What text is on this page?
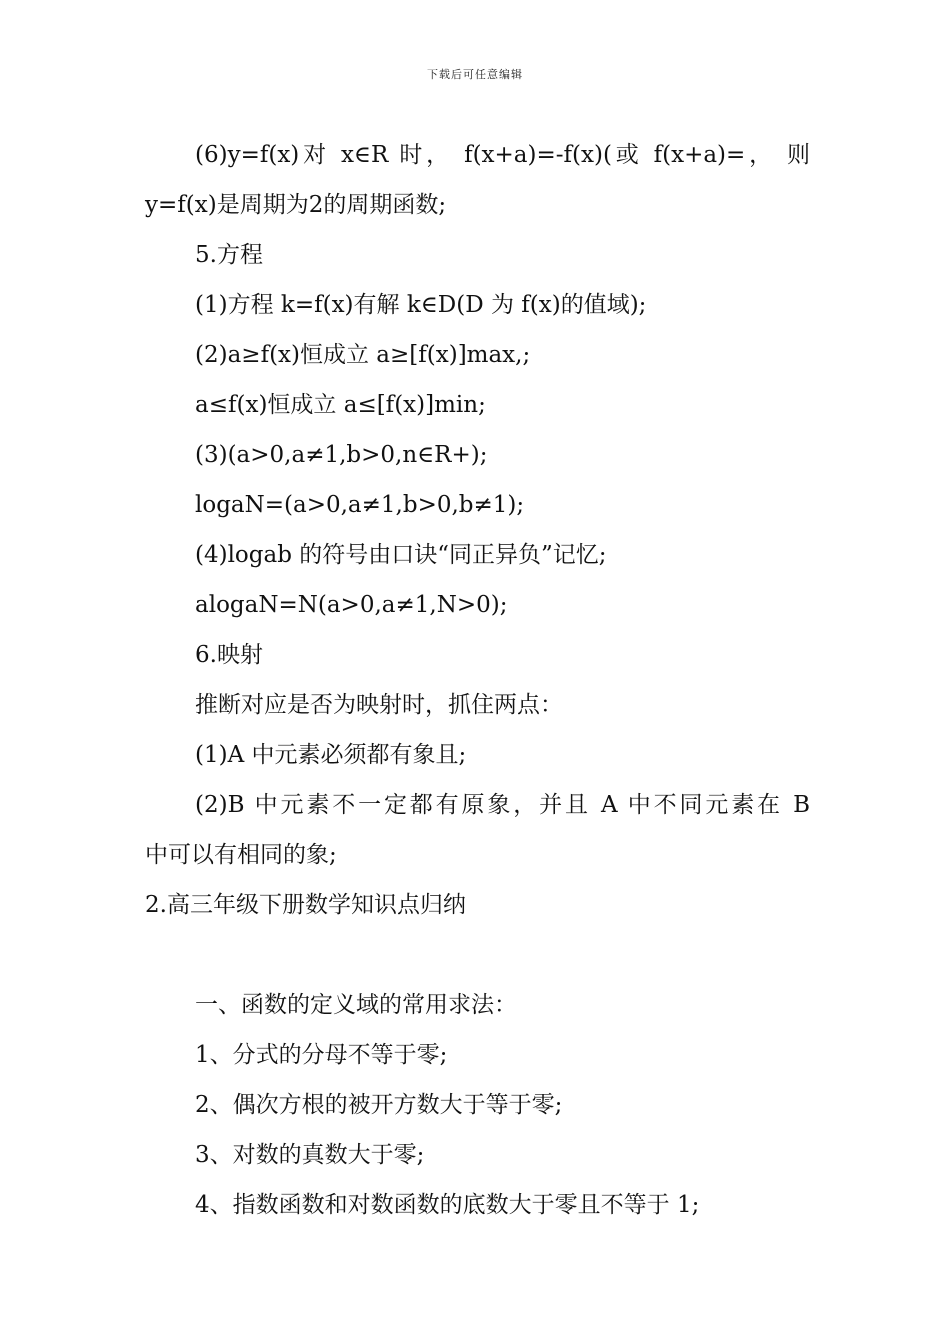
下载后可任意编辑
(6)y=f(x)对 x∈R 时， f(x+a)=-f(x)(或 f(x+a)=， 则
y=f(x)是周期为2的周期函数;
5.方程
(1)方程 k=f(x)有解 k∈D(D 为 f(x)的值域);
(2)a≥f(x)恒成立 a≥[f(x)]max,;
a≤f(x)恒成立 a≤[f(x)]min;
(3)(a>0,a≠1,b>0,n∈R+);
logaN=(a>0,a≠1,b>0,b≠1);
(4)logab 的符号由口诀“同正异负”记忆;
alogaN=N(a>0,a≠1,N>0);
6.映射
推断对应是否为映射时，抓住两点：
(1)A 中元素必须都有象且;
(2)B 中元素不一定都有原象，并且 A 中不同元素在 B
中可以有相同的象;
2.高三年级下册数学知识点归纳
一、函数的定义域的常用求法：
1、分式的分母不等于零;
2、偶次方根的被开方数大于等于零;
3、对数的真数大于零;
4、指数函数和对数函数的底数大于零且不等于 1;
